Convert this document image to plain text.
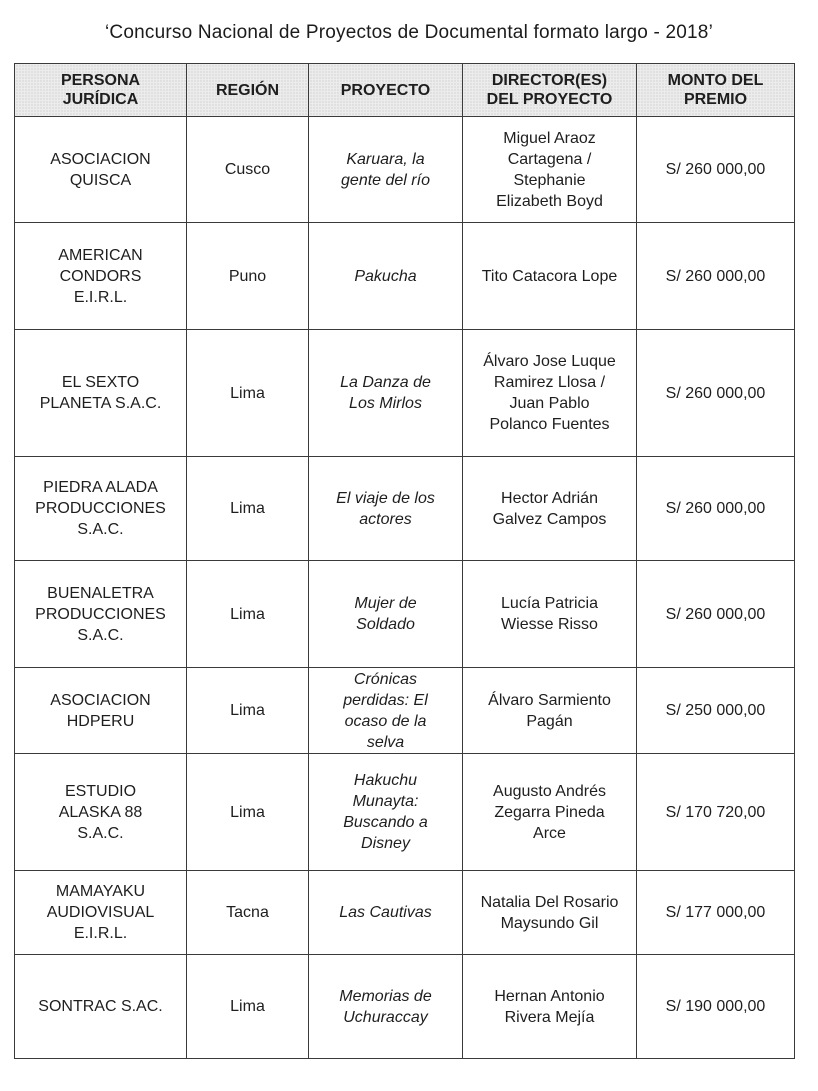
‘Concurso Nacional de Proyectos de Documental formato largo - 2018’
PERSONA
JURÍDICA	REGIÓN	PROYECTO	DIRECTOR(ES)
DEL PROYECTO	MONTO DEL
PREMIO

ASOCIACION
QUISCA	Cusco	Karuara, la
gente del río	Miguel Araoz
Cartagena /
Stephanie
Elizabeth Boyd	S/ 260 000,00

AMERICAN
CONDORS
E.I.R.L.	Puno	Pakucha	Tito Catacora Lope	S/ 260 000,00

EL SEXTO
PLANETA S.A.C.	Lima	La Danza de
Los Mirlos	Álvaro Jose Luque
Ramirez Llosa /
Juan Pablo
Polanco Fuentes	S/ 260 000,00

PIEDRA ALADA
PRODUCCIONES
S.A.C.	Lima	El viaje de los
actores	Hector Adrián
Galvez Campos	S/ 260 000,00

BUENALETRA
PRODUCCIONES
S.A.C.	Lima	Mujer de
Soldado	Lucía Patricia
Wiesse Risso	S/ 260 000,00

ASOCIACION
HDPERU	Lima	Crónicas
perdidas: El
ocaso de la
selva	Álvaro Sarmiento
Pagán	S/ 250 000,00

ESTUDIO
ALASKA 88
S.A.C.	Lima	Hakuchu
Munayta:
Buscando a
Disney	Augusto Andrés
Zegarra Pineda
Arce	S/ 170 720,00

MAMAYAKU
AUDIOVISUAL
E.I.R.L.	Tacna	Las Cautivas	Natalia Del Rosario
Maysundo Gil	S/ 177 000,00

SONTRAC S.AC.	Lima	Memorias de
Uchuraccay	Hernan Antonio
Rivera Mejía	S/ 190 000,00
